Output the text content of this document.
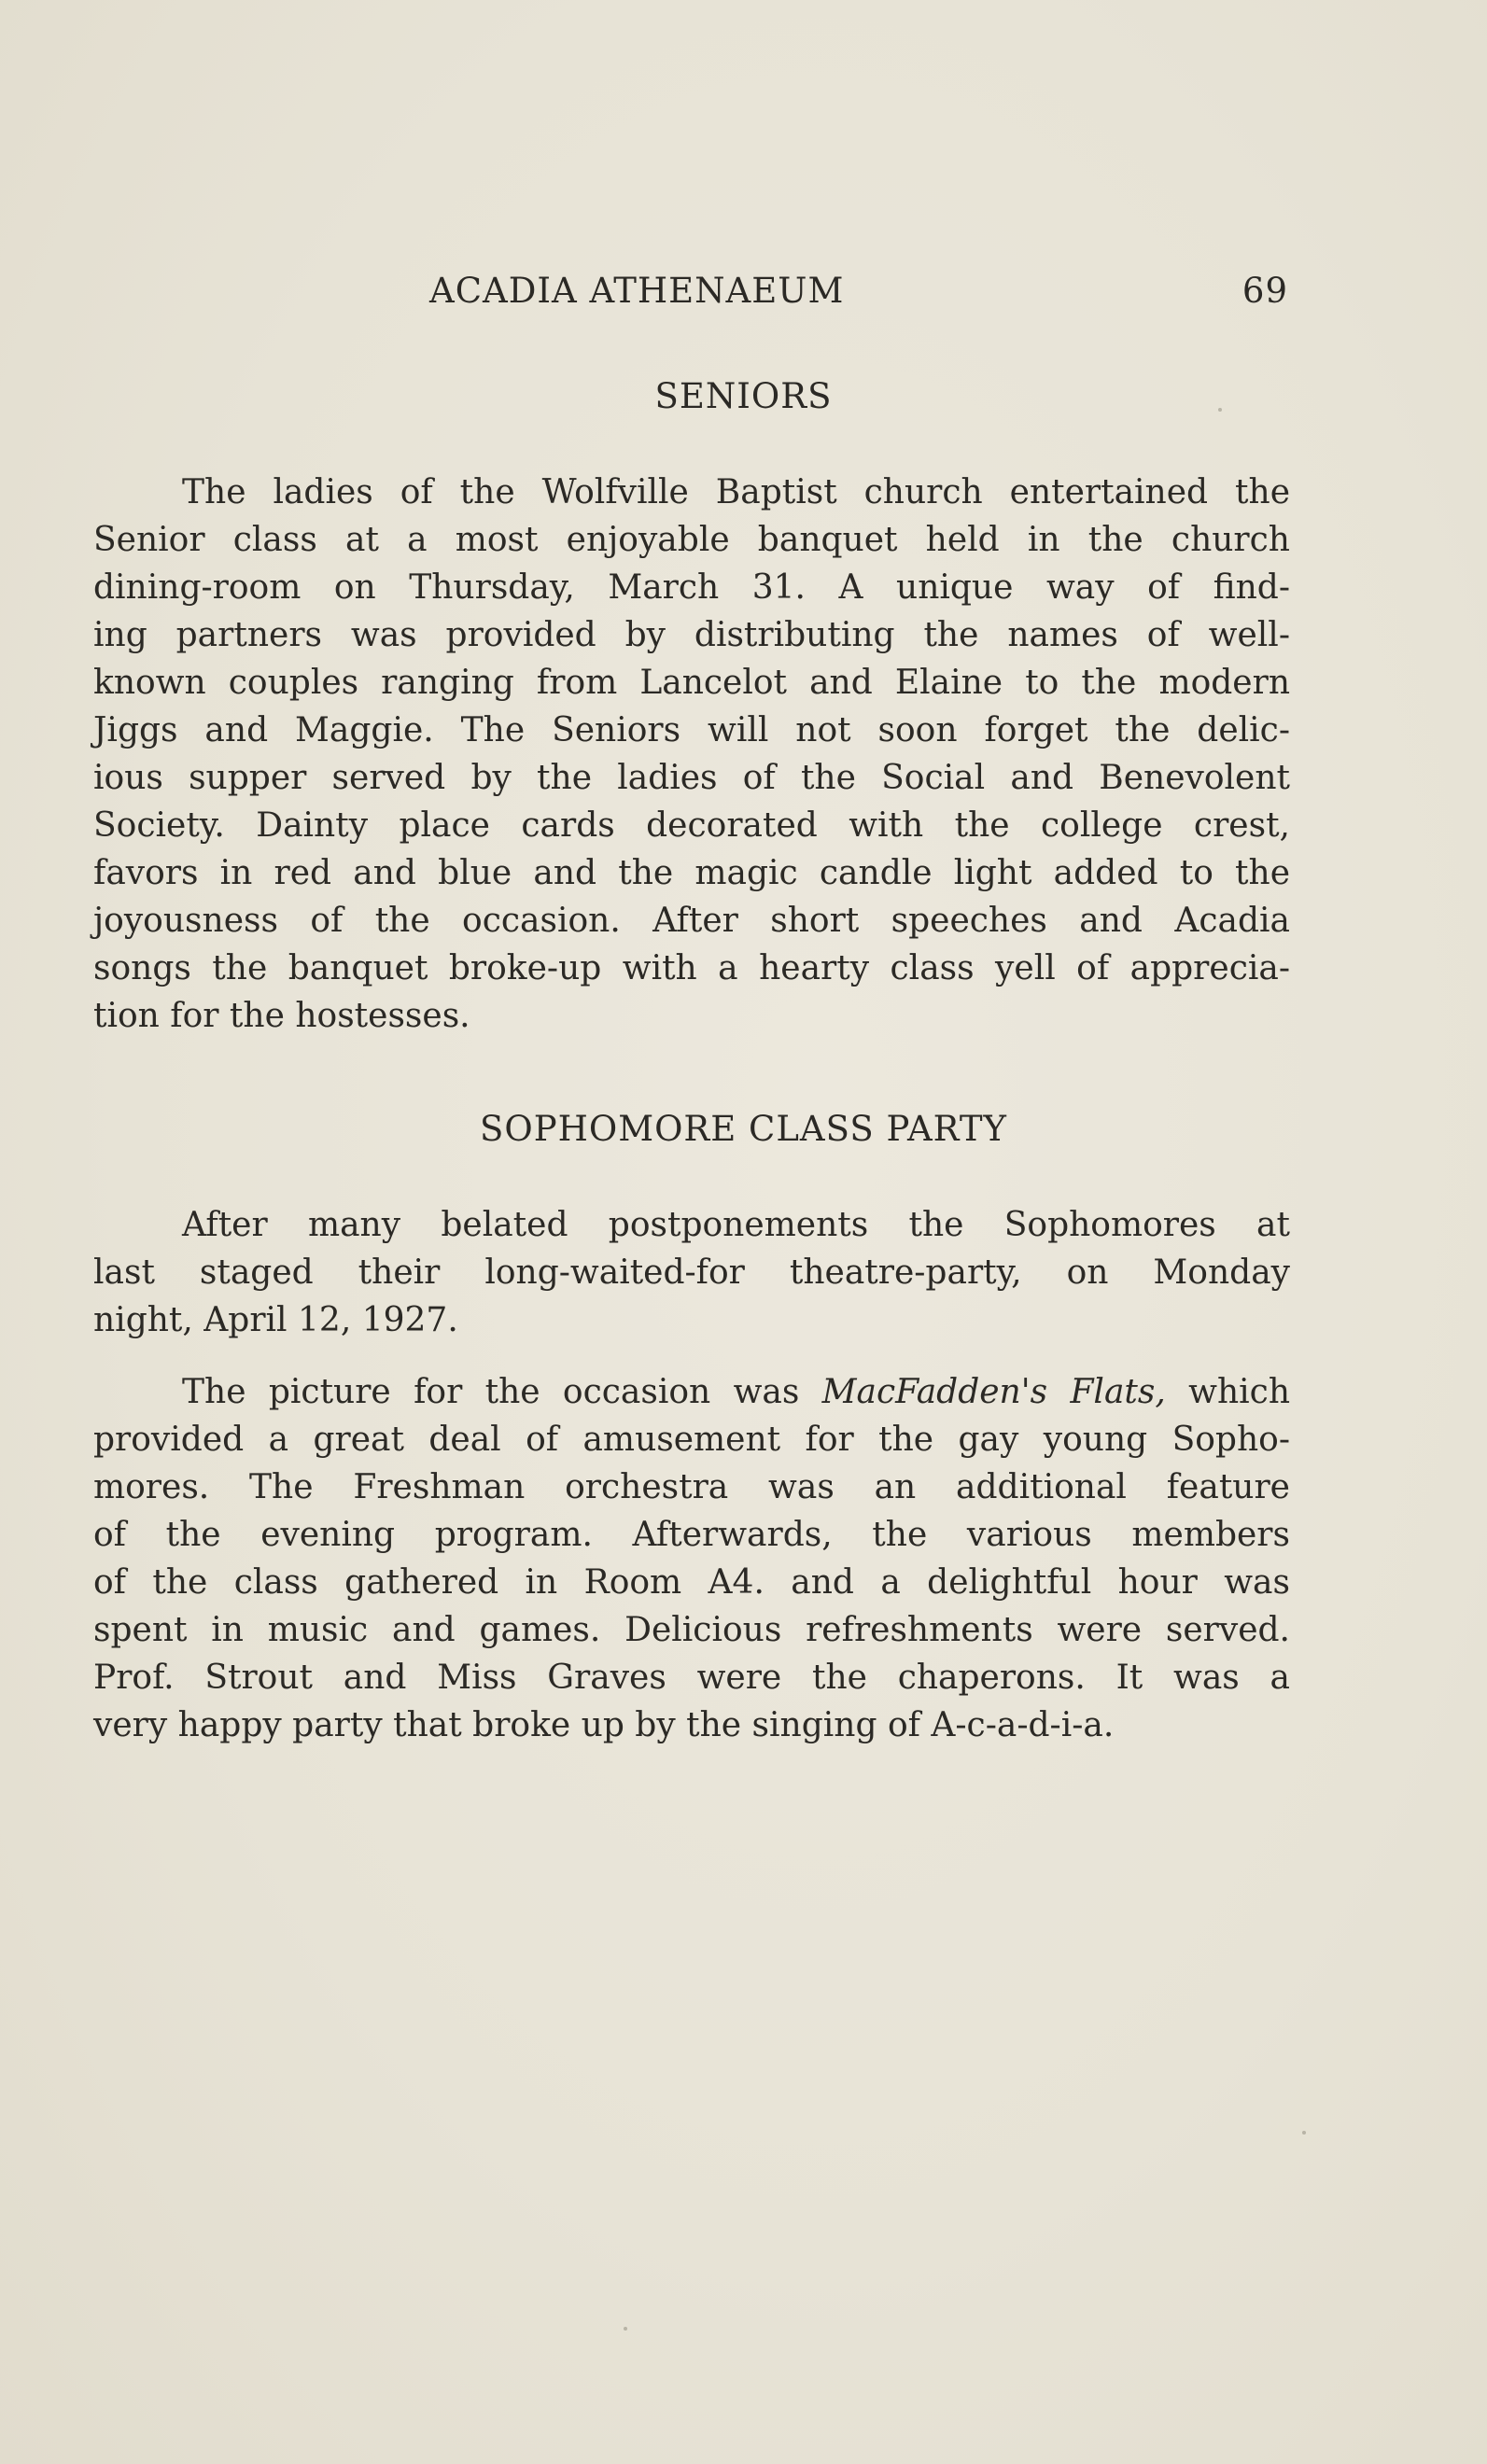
ACADIA ATHENAEUM	69
SENIORS
The ladies of the Wolfville Baptist church entertained the
Senior class at a most enjoyable banquet held in the church
dining-room on Thursday, March 31. A unique way of find-
ing partners was provided by distributing the names of well-
known couples ranging from Lancelot and Elaine to the modern
Jiggs and Maggie. The Seniors will not soon forget the delic-
ious supper served by the ladies of the Social and Benevolent
Society. Dainty place cards decorated with the college crest,
favors in red and blue and the magic candle light added to the
joyousness of the occasion. After short speeches and Acadia
songs the banquet broke-up with a hearty class yell of apprecia-
tion for the hostesses.
SOPHOMORE CLASS PARTY
After many belated postponements the Sophomores at
last staged their long-waited-for theatre-party, on Monday
night, April 12, 1927.
The picture for the occasion was MacFadden's Flats, which
provided a great deal of amusement for the gay young Sopho-
mores. The Freshman orchestra was an additional feature
of the evening program. Afterwards, the various members
of the class gathered in Room A4. and a delightful hour was
spent in music and games. Delicious refreshments were served.
Prof. Strout and Miss Graves were the chaperons. It was a
very happy party that broke up by the singing of A-c-a-d-i-a.
